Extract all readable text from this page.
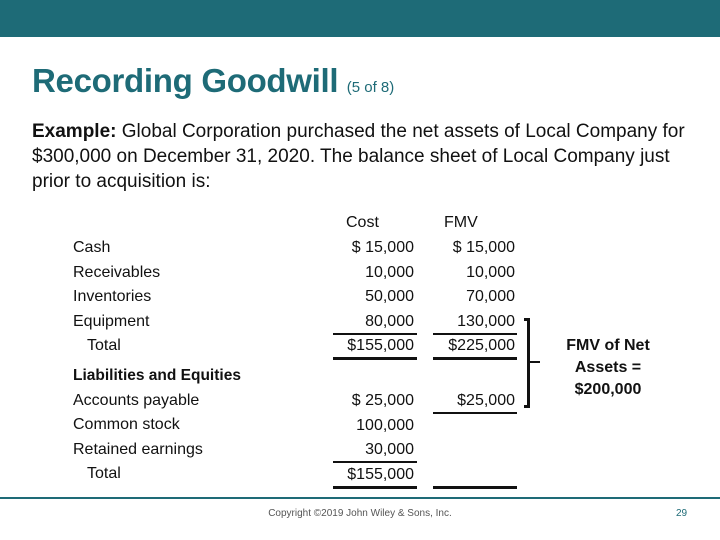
Recording Goodwill (5 of 8)
Example: Global Corporation purchased the net assets of Local Company for $300,000 on December 31, 2020. The balance sheet of Local Company just prior to acquisition is:
Cost	FMV
Cash
Receivables
Inventories
Equipment
Total
$ 15,000
10,000
50,000
80,000
$155,000
$ 15,000
10,000
70,000
130,000
$225,000
Liabilities and Equities
Accounts payable
Common stock
Retained earnings
Total
$ 25,000
100,000
30,000
$155,000
$25,000
FMV of Net
Assets =
$200,000
Copyright ©2019 John Wiley & Sons, Inc.	29
